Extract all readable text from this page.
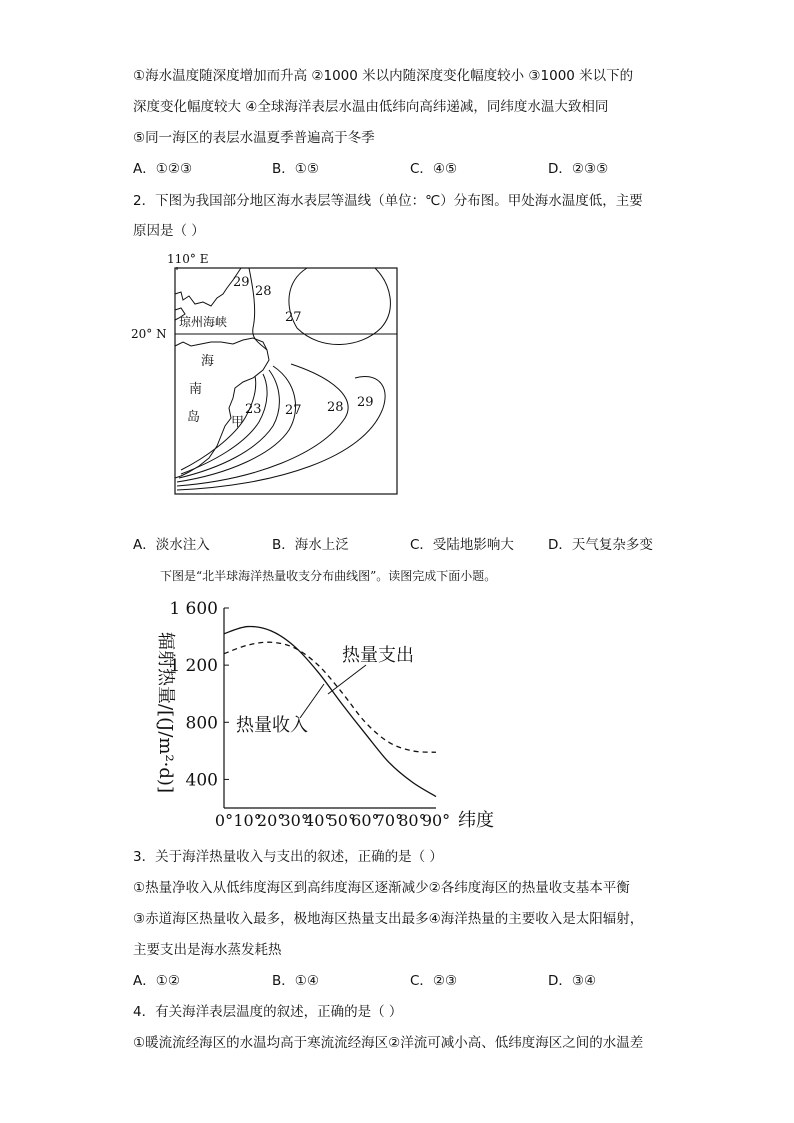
①海水温度随深度增加而升高 ②1000 米以内随深度变化幅度较小 ③1000 米以下的
深度变化幅度较大 ④全球海洋表层水温由低纬向高纬递减，同纬度水温大致相同
⑤同一海区的表层水温夏季普遍高于冬季
A．①②③	B．①⑤	C．④⑤	D．②③⑤
2．下图为我国部分地区海水表层等温线（单位：℃）分布图。甲处海水温度低，主要
原因是（ ）
110° E
20° N
琼州海峡
海
南
岛 甲
29
28
27
23 27 28 29
A．淡水注入	B．海水上泛	C．受陆地影响大	D．天气复杂多变
下图是“北半球海洋热量收支分布曲线图”。读图完成下面小题。
400
800
1 200
1 600
0° 10°
20°
30°
40°
50°
60°
70°
80°
90°
辐射热量/[(J/m²·d)]
纬度
热量支出
热量收入
3．关于海洋热量收入与支出的叙述，正确的是（ ）
①热量净收入从低纬度海区到高纬度海区逐渐减少②各纬度海区的热量收支基本平衡
③赤道海区热量收入最多，极地海区热量支出最多④海洋热量的主要收入是太阳辐射，
主要支出是海水蒸发耗热
A．①②	B．①④	C．②③	D．③④
4．有关海洋表层温度的叙述，正确的是（ ）
①暖流流经海区的水温均高于寒流流经海区②洋流可减小高、低纬度海区之间的水温差
